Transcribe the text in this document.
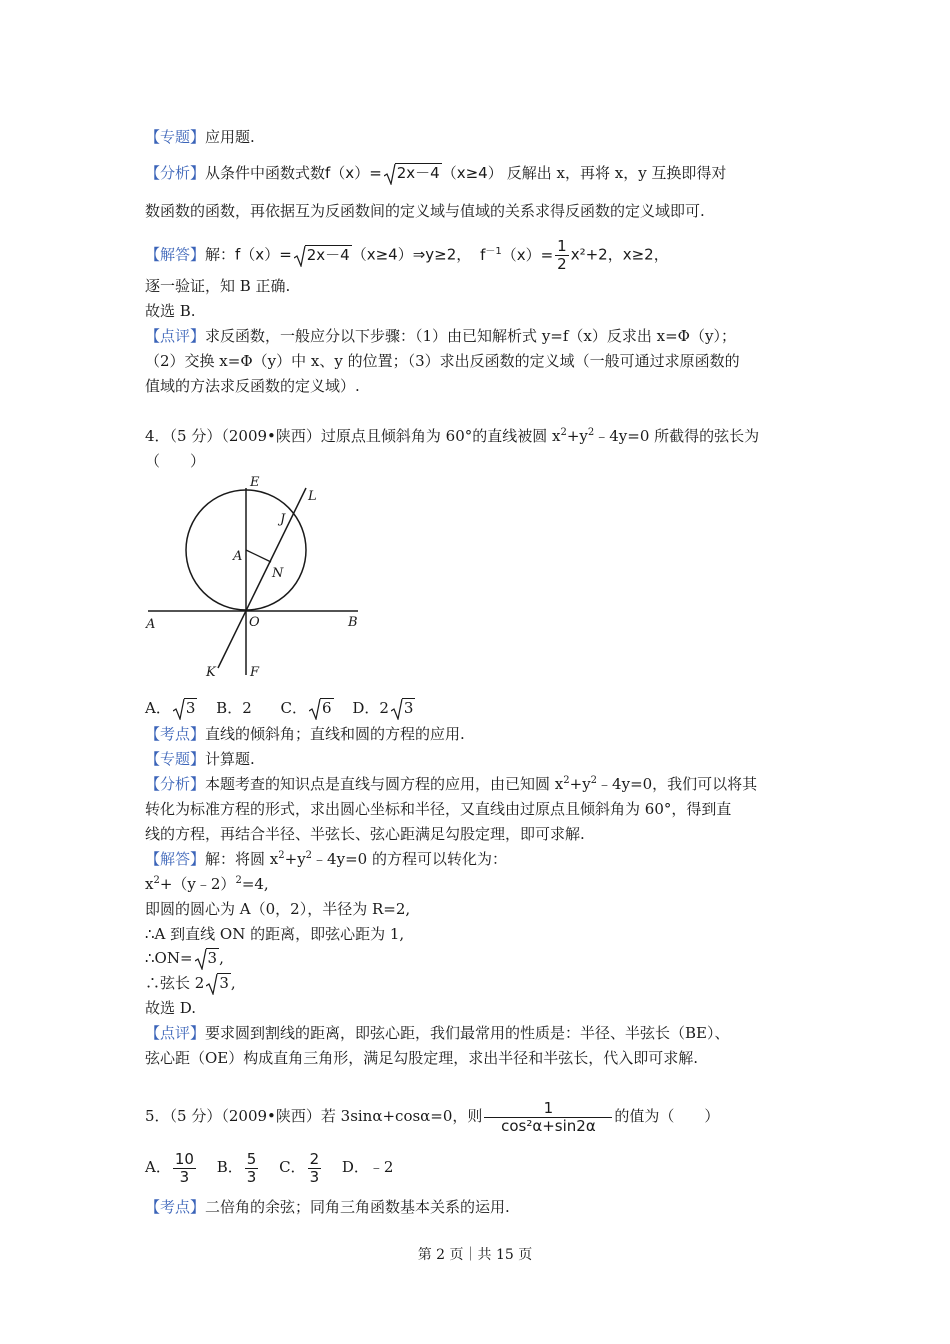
【专题】应用题.
【分析】从条件中函数式数f（x）= 2x－4 （x≥4） 反解出 x，再将 x，y 互换即得对
数函数的函数，再依据互为反函数间的定义域与值域的关系求得反函数的定义域即可.
【解答】解：f（x）= 2x－4 （x≥4）⇒y≥2， $f^{-1}(x)= \frac{1}{2} x^2+2$，x≥2，
逐一验证，知 B 正确.
故选 B.
【点评】求反函数，一般应分以下步骤：（1）由已知解析式 y=f（x）反求出 x=Φ（y）；
（2）交换 x=Φ（y）中 x、y 的位置；（3）求出反函数的定义域（一般可通过求原函数的
值域的方法求反函数的定义域）.
4．（5 分）（2009•陕西）过原点且倾斜角为 60°的直线被圆 $x^2+y^2﹣4y=0$ 所截得的弦长为
（　　）
E
L
J
A
N
A	O	B
K	F
A． 3 B．2 C． 6 D．2 3
【考点】直线的倾斜角；直线和圆的方程的应用.
【专题】计算题.
【分析】本题考查的知识点是直线与圆方程的应用，由已知圆 $x^2+y^2﹣4y=0$，我们可以将其
转化为标准方程的形式，求出圆心坐标和半径，又直线由过原点且倾斜角为 60°，得到直
线的方程，再结合半径、半弦长、弦心距满足勾股定理，即可求解.
【解答】解：将圆 $x^2+y^2﹣4y=0$ 的方程可以转化为：
$x^2+(y﹣2)^2=4$,
即圆的圆心为 A（0，2），半径为 R=2,
∴A 到直线 ON 的距离，即弦心距为 1,
∴ON= 3 ,
∴弦长 2 3 ,
故选 D.
【点评】要求圆到割线的距离，即弦心距，我们最常用的性质是：半径、半弦长（BE）、
弦心距（OE）构成直角三角形，满足勾股定理，求出半径和半弦长，代入即可求解.
5．（5 分）（2009•陕西）若 3sinα+cosα=0，则 $\frac{1}{\text{cos²α+sin2α}}$ 的值为（　　）
A． $\frac{10}{3}$ B． $\frac{5}{3}$ C． $\frac{2}{3}$ D．﹣2
【考点】二倍角的余弦；同角三角函数基本关系的运用.
第 2 页｜共 15 页
